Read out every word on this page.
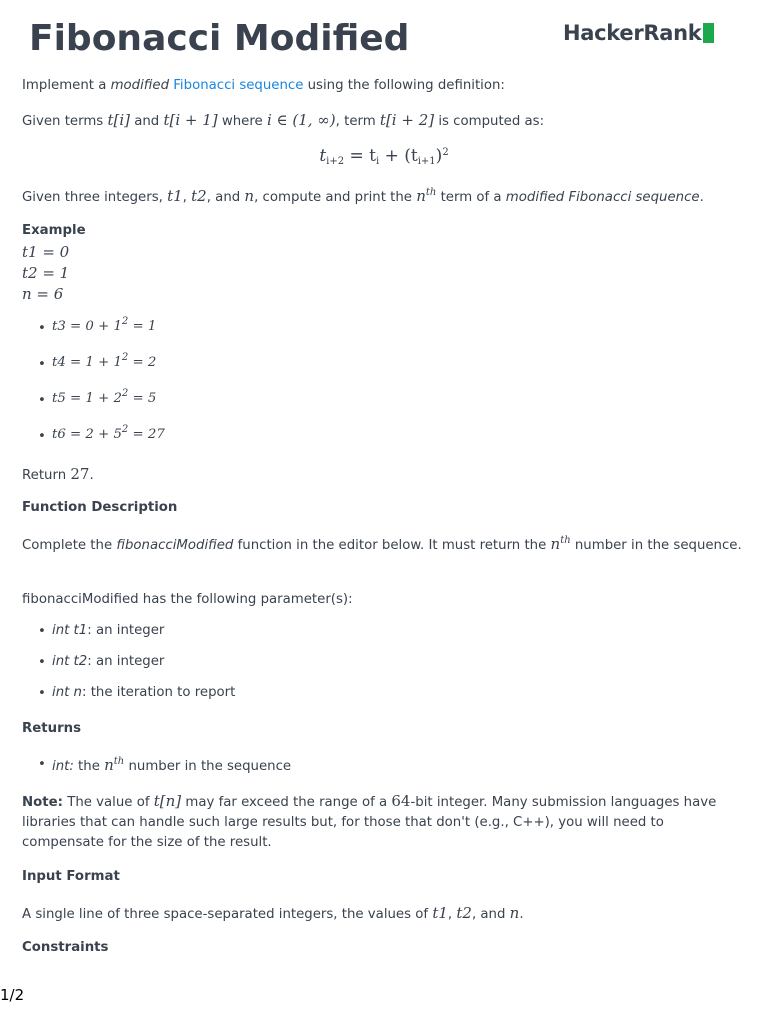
Fibonacci Modified	HackerRank
Implement a modified Fibonacci sequence using the following definition:
Given terms t[i] and t[i + 1] where i ∈ (1, ∞), term t[i + 2] is computed as:
$t_{i+2} = t_i + (t_{i+1})^2$
Given three integers, t1, t2, and n, compute and print the $n^{th}$ term of a modified Fibonacci sequence.
Example
t1 = 0
t2 = 1
n = 6
• $t3 = 0 + 1^2 = 1$
• $t4 = 1 + 1^2 = 2$
• $t5 = 1 + 2^2 = 5$
• $t6 = 2 + 5^2 = 27$
Return 27.
Function Description
Complete the fibonacciModified function in the editor below. It must return the $n^{th}$ number in the sequence.
fibonacciModified has the following parameter(s):
• int t1: an integer
• int t2: an integer
• int n: the iteration to report
Returns
• int: the $n^{th}$ number in the sequence
Note: The value of t[n] may far exceed the range of a 64-bit integer. Many submission languages have libraries that can handle such large results but, for those that don't (e.g., C++), you will need to compensate for the size of the result.
Input Format
A single line of three space-separated integers, the values of t1, t2, and n.
Constraints
1/2
